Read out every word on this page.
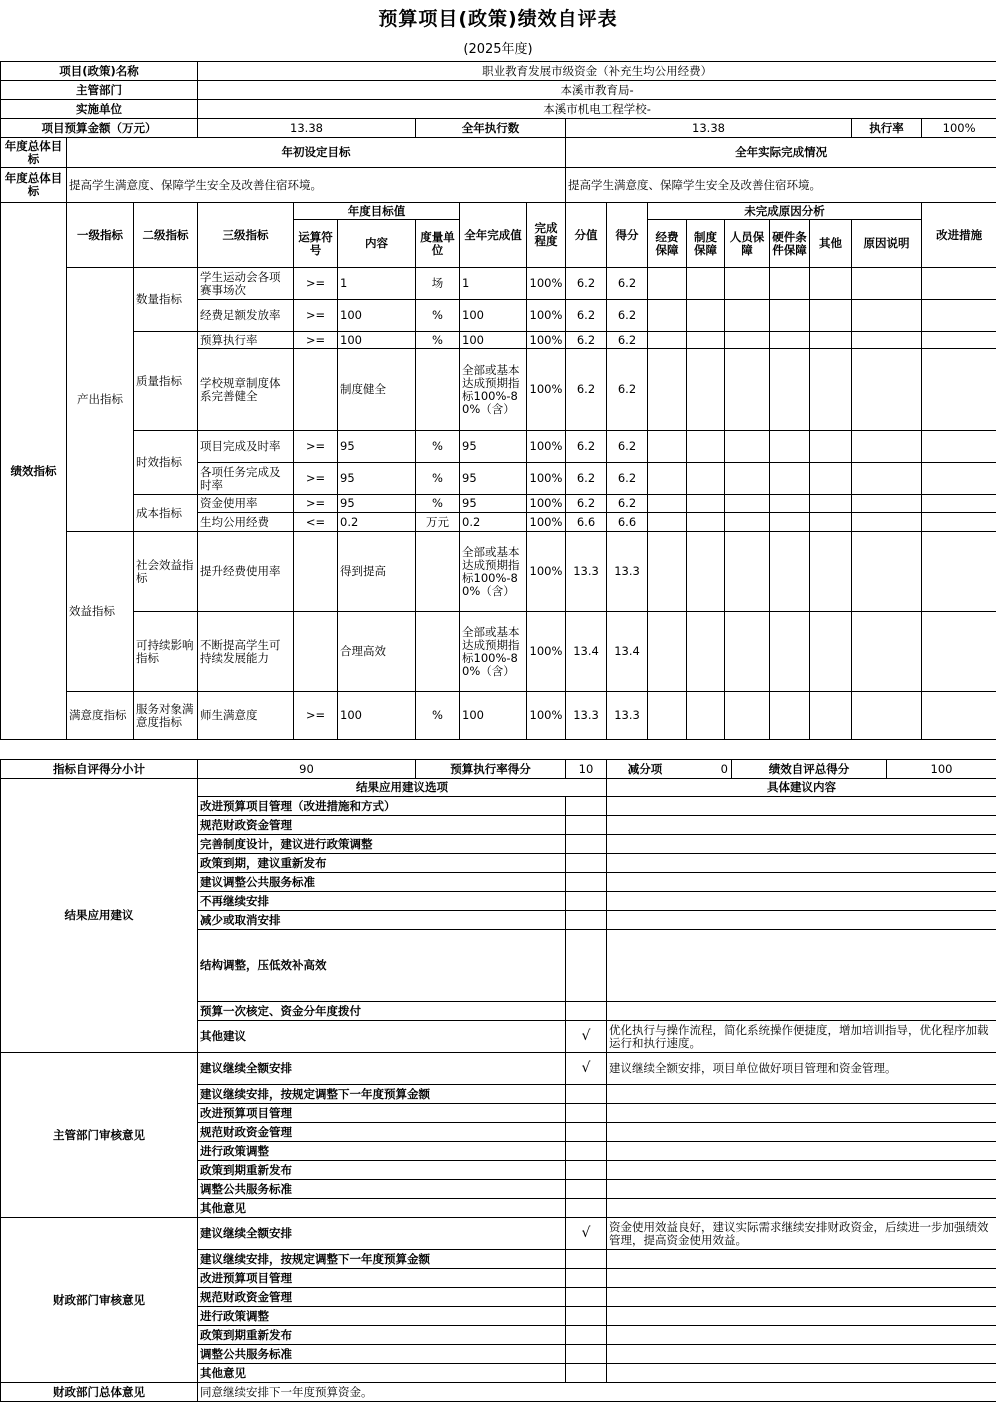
预算项目(政策)绩效自评表
(2025年度)
项目(政策)名称			职业教育发展市级资金（补充生均公用经费）														
主管部门			本溪市教育局-														
实施单位			本溪市机电工程学校-														
项目预算金额（万元）			13.38			全年执行数			13.38							执行率	100%
年度总体目标	年初设定目标								全年实际完成情况								
年度总体目标	提高学生满意度、保障学生安全及改善住宿环境。								提高学生满意度、保障学生安全及改善住宿环境。								
绩效指标	一级指标	二级指标	三级指标	年度目标值			全年完成值	完成程度	分值	得分	未完成原因分析						改进措施
				运算符号	内容	度量单位					经费保障	制度保障	人员保障	硬件条件保障	其他	原因说明	
	产出指标	数量指标	学生运动会各项赛事场次	>=	1	场	1	100%	6.2	6.2							
			经费足额发放率	>=	100	%	100	100%	6.2	6.2							
		质量指标	预算执行率	>=	100	%	100	100%	6.2	6.2							
			学校规章制度体系完善健全		制度健全		全部或基本达成预期指标100%-80%（含）	100%	6.2	6.2							
		时效指标	项目完成及时率	>=	95	%	95	100%	6.2	6.2							
			各项任务完成及时率	>=	95	%	95	100%	6.2	6.2							
		成本指标	资金使用率	>=	95	%	95	100%	6.2	6.2							
			生均公用经费	<=	0.2	万元	0.2	100%	6.6	6.6							
	效益指标	社会效益指标	提升经费使用率		得到提高		全部或基本达成预期指标100%-80%（含）	100%	13.3	13.3							
		可持续影响指标	不断提高学生可持续发展能力		合理高效		全部或基本达成预期指标100%-80%（含）	100%	13.4	13.4							
	满意度指标	服务对象满意度指标	师生满意度	>=	100	%	100	100%	13.3	13.3							
指标自评得分小计	90	预算执行率得分	10	减分项 0 绩效自评总得分 100

结果应用建议	结果应用建议选项			具体建议内容
	改进预算项目管理（改进措施和方式）			
	规范财政资金管理			
	完善制度设计，建议进行政策调整			
	政策到期，建议重新发布			
	建议调整公共服务标准			
	不再继续安排			
	减少或取消安排			
	结构调整，压低效补高效			
	预算一次核定、资金分年度拨付			
	其他建议		√	优化执行与操作流程，简化系统操作便捷度，增加培训指导，优化程序加载运行和执行速度。
主管部门审核意见	建议继续全额安排		√	建议继续全额安排，项目单位做好项目管理和资金管理。
	建议继续安排，按规定调整下一年度预算金额			
	改进预算项目管理			
	规范财政资金管理			
	进行政策调整			
	政策到期重新发布			
	调整公共服务标准			
	其他意见			
财政部门审核意见	建议继续全额安排		√	资金使用效益良好，建议实际需求继续安排财政资金，后续进一步加强绩效管理，提高资金使用效益。
	建议继续安排，按规定调整下一年度预算金额			
	改进预算项目管理			
	规范财政资金管理			
	进行政策调整			
	政策到期重新发布			
	调整公共服务标准			
	其他意见			
财政部门总体意见	同意继续安排下一年度预算资金。			
